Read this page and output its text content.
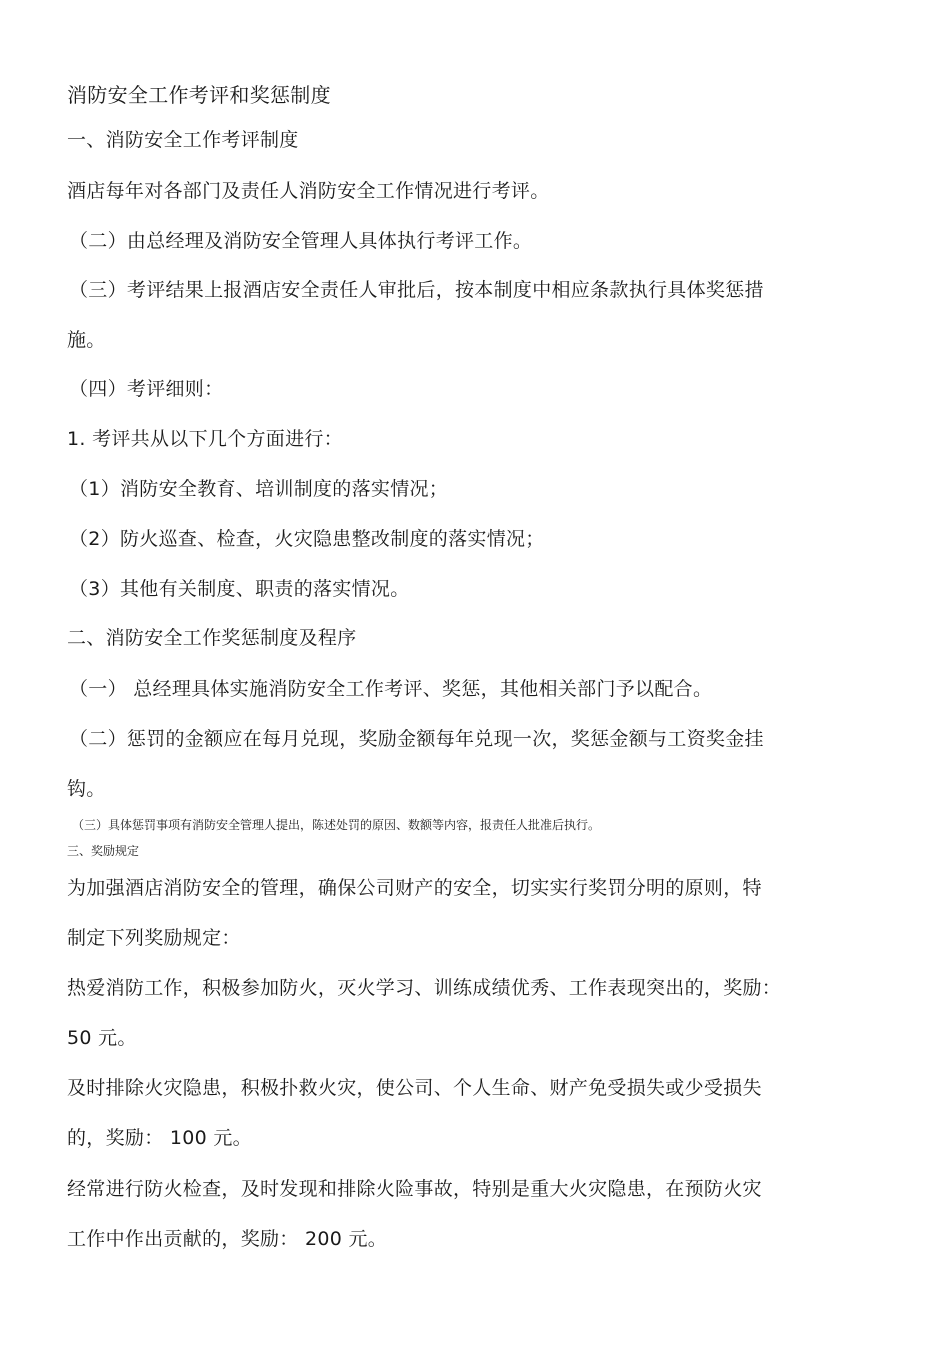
消防安全工作考评和奖惩制度
一、消防安全工作考评制度
酒店每年对各部门及责任人消防安全工作情况进行考评。
（二）由总经理及消防安全管理人具体执行考评工作。
（三）考评结果上报酒店安全责任人审批后，按本制度中相应条款执行具体奖惩措
施。
（四）考评细则：
1. 考评共从以下几个方面进行：
（1）消防安全教育、培训制度的落实情况；
（2）防火巡查、检查，火灾隐患整改制度的落实情况；
（3）其他有关制度、职责的落实情况。
二、消防安全工作奖惩制度及程序
（一） 总经理具体实施消防安全工作考评、奖惩，其他相关部门予以配合。
（二）惩罚的金额应在每月兑现，奖励金额每年兑现一次，奖惩金额与工资奖金挂
钩。
（三）具体惩罚事项有消防安全管理人提出，陈述处罚的原因、数额等内容，报责任人批准后执行。
三、奖励规定
为加强酒店消防安全的管理，确保公司财产的安全，切实实行奖罚分明的原则，特
制定下列奖励规定：
热爱消防工作，积极参加防火，灭火学习、训练成绩优秀、工作表现突出的，奖励：
50 元。
及时排除火灾隐患，积极扑救火灾，使公司、个人生命、财产免受损失或少受损失
的，奖励： 100 元。
经常进行防火检查，及时发现和排除火险事故，特别是重大火灾隐患，在预防火灾
工作中作出贡献的，奖励： 200 元。
